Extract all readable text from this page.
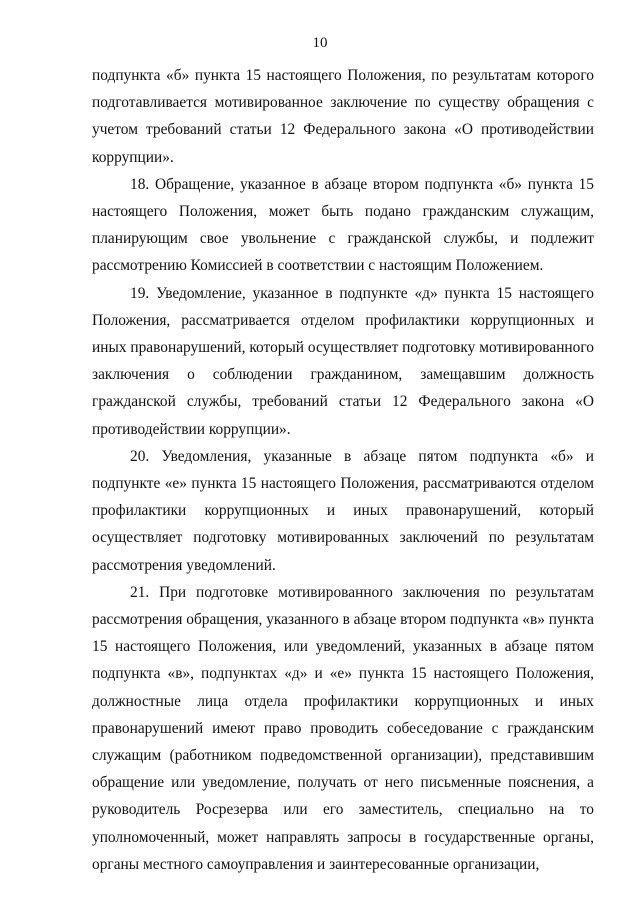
10

подпункта «б» пункта 15 настоящего Положения, по результатам которого подготавливается мотивированное заключение по существу обращения с учетом требований статьи 12 Федерального закона «О противодействии коррупции».

18. Обращение, указанное в абзаце втором подпункта «б» пункта 15 настоящего Положения, может быть подано гражданским служащим, планирующим свое увольнение с гражданской службы, и подлежит рассмотрению Комиссией в соответствии с настоящим Положением.

19. Уведомление, указанное в подпункте «д» пункта 15 настоящего Положения, рассматривается отделом профилактики коррупционных и иных правонарушений, который осуществляет подготовку мотивированного заключения о соблюдении гражданином, замещавшим должность гражданской службы, требований статьи 12 Федерального закона «О противодействии коррупции».

20. Уведомления, указанные в абзаце пятом подпункта «б» и подпункте «е» пункта 15 настоящего Положения, рассматриваются отделом профилактики коррупционных и иных правонарушений, который осуществляет подготовку мотивированных заключений по результатам рассмотрения уведомлений.

21. При подготовке мотивированного заключения по результатам рассмотрения обращения, указанного в абзаце втором подпункта «в» пункта 15 настоящего Положения, или уведомлений, указанных в абзаце пятом подпункта «в», подпунктах «д» и «е» пункта 15 настоящего Положения, должностные лица отдела профилактики коррупционных и иных правонарушений имеют право проводить собеседование с гражданским служащим (работником подведомственной организации), представившим обращение или уведомление, получать от него письменные пояснения, а руководитель Росрезерва или его заместитель, специально на то уполномоченный, может направлять запросы в государственные органы, органы местного самоуправления и заинтересованные организации,
